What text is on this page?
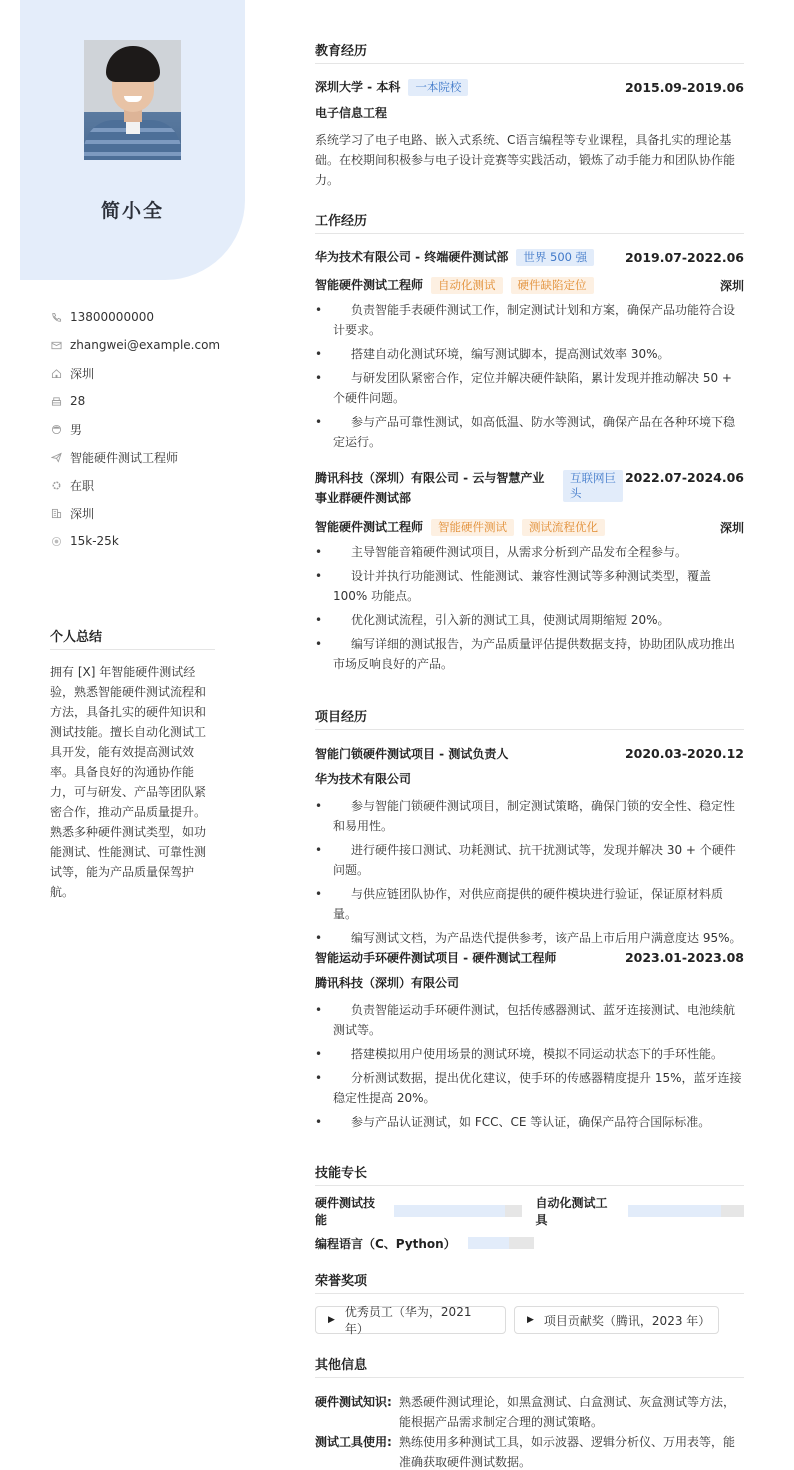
简小全
13800000000
zhangwei@example.com
深圳
28
男
智能硬件测试工程师
在职
深圳
15k-25k
个人总结

拥有 [X] 年智能硬件测试经验，熟悉智能硬件测试流程和方法，具备扎实的硬件知识和测试技能。擅长自动化测试工具开发，能有效提高测试效率。具备良好的沟通协作能力，可与研发、产品等团队紧密合作，推动产品质量提升。熟悉多种硬件测试类型，如功能测试、性能测试、可靠性测试等，能为产品质量保驾护航。

教育经历
深圳大学 - 本科 一本院校	2015.09-2019.06
电子信息工程
系统学习了电子电路、嵌入式系统、C语言编程等专业课程，具备扎实的理论基础。在校期间积极参与电子设计竞赛等实践活动，锻炼了动手能力和团队协作能力。
工作经历
华为技术有限公司 - 终端硬件测试部 世界 500 强	2019.07-2022.06
智能硬件测试工程师 自动化测试 硬件缺陷定位	深圳
• 负责智能手表硬件测试工作，制定测试计划和方案，确保产品功能符合设计要求。
• 搭建自动化测试环境，编写测试脚本，提高测试效率 30%。
• 与研发团队紧密合作，定位并解决硬件缺陷，累计发现并推动解决 50 + 个硬件问题。
• 参与产品可靠性测试，如高低温、防水等测试，确保产品在各种环境下稳定运行。
腾讯科技（深圳）有限公司 - 云与智慧产业事业群硬件测试部
互联网巨头
2022.07-2024.06
智能硬件测试工程师 智能硬件测试 测试流程优化	深圳
• 主导智能音箱硬件测试项目，从需求分析到产品发布全程参与。
• 设计并执行功能测试、性能测试、兼容性测试等多种测试类型，覆盖 100% 功能点。
• 优化测试流程，引入新的测试工具，使测试周期缩短 20%。
• 编写详细的测试报告，为产品质量评估提供数据支持，协助团队成功推出市场反响良好的产品。
项目经历
智能门锁硬件测试项目 - 测试负责人	2020.03-2020.12
华为技术有限公司
• 参与智能门锁硬件测试项目，制定测试策略，确保门锁的安全性、稳定性和易用性。
• 进行硬件接口测试、功耗测试、抗干扰测试等，发现并解决 30 + 个硬件问题。
• 与供应链团队协作，对供应商提供的硬件模块进行验证，保证原材料质量。
• 编写测试文档，为产品迭代提供参考，该产品上市后用户满意度达 95%。
智能运动手环硬件测试项目 - 硬件测试工程师	2023.01-2023.08
腾讯科技（深圳）有限公司
• 负责智能运动手环硬件测试，包括传感器测试、蓝牙连接测试、电池续航测试等。
• 搭建模拟用户使用场景的测试环境，模拟不同运动状态下的手环性能。
• 分析测试数据，提出优化建议，使手环的传感器精度提升 15%，蓝牙连接稳定性提高 20%。
• 参与产品认证测试，如 FCC、CE 等认证，确保产品符合国际标准。
技能专长
硬件测试技能
自动化测试工具
编程语言（C、Python）
荣誉奖项
▶
优秀员工（华为，2021 年）
▶ 项目贡献奖（腾讯，2023 年）
其他信息
硬件测试知识: 熟悉硬件测试理论，如黑盒测试、白盒测试、灰盒测试等方法，能根据产品需求制定合理的测试策略。
测试工具使用: 熟练使用多种测试工具，如示波器、逻辑分析仪、万用表等，能准确获取硬件测试数据。
